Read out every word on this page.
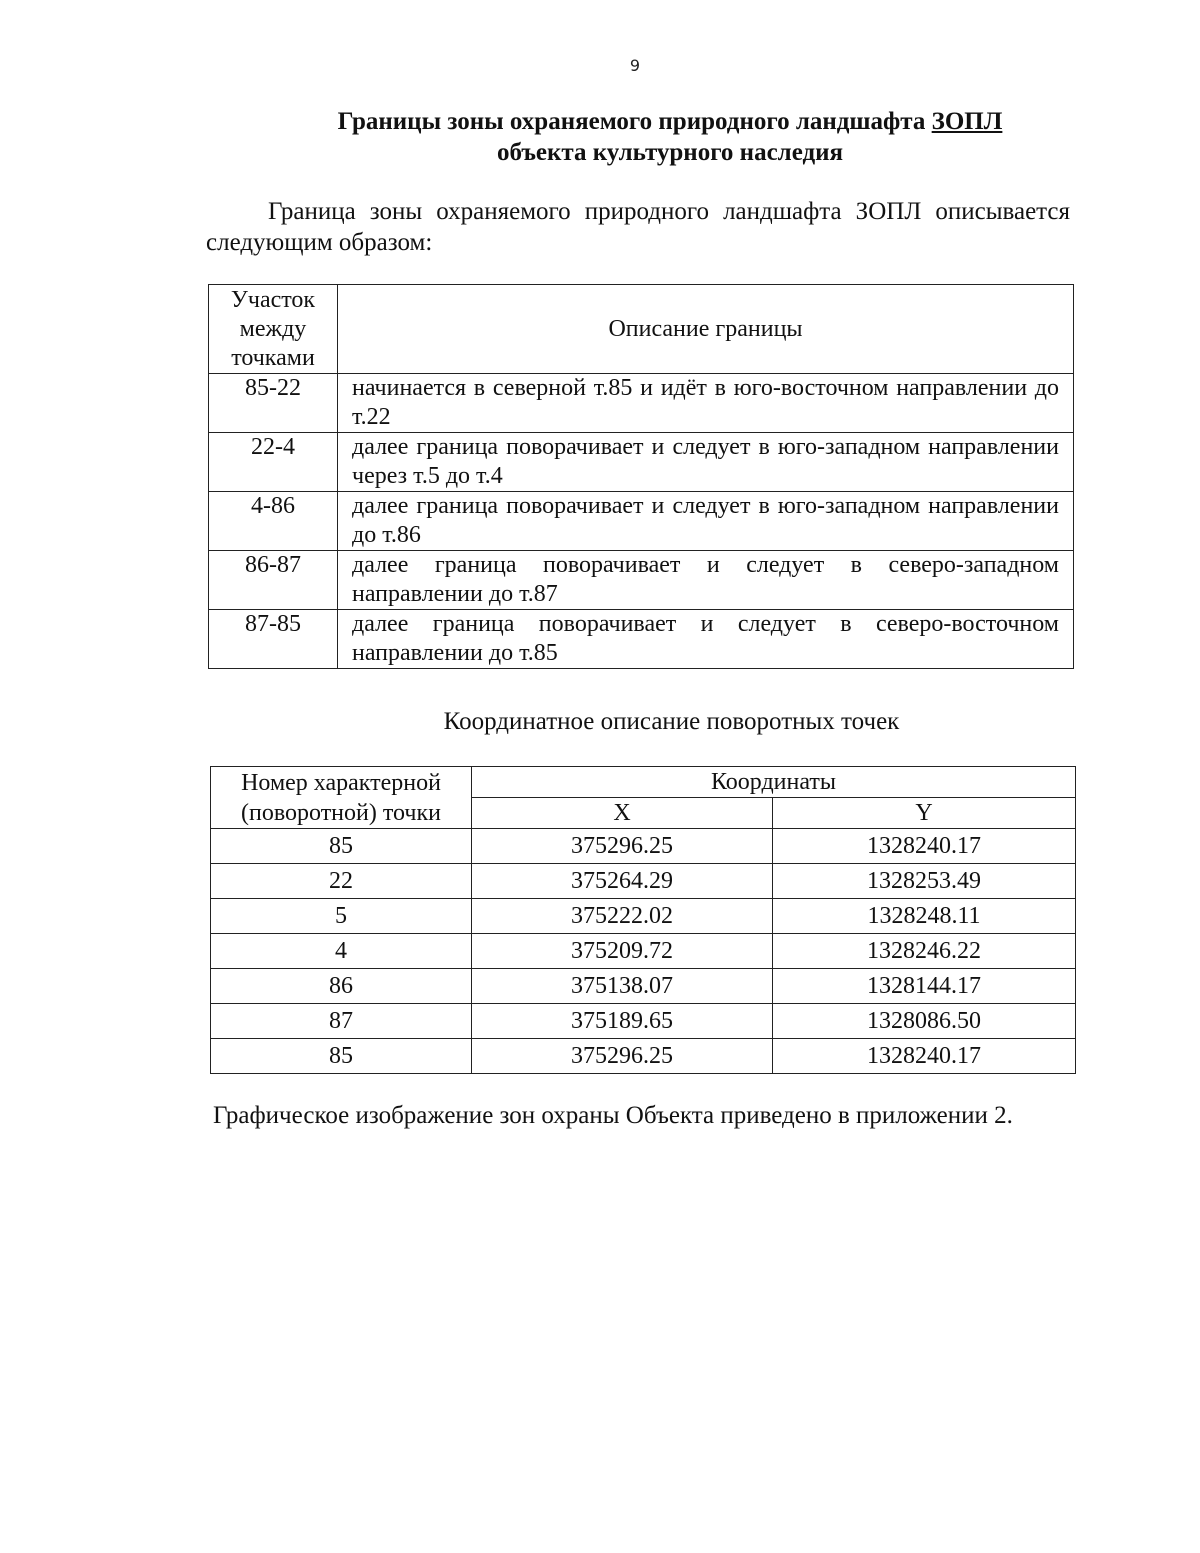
9
Границы зоны охраняемого природного ландшафта ЗОПЛ
объекта культурного наследия
Граница зоны охраняемого природного ландшафта ЗОПЛ описывается следующим образом:
Участок между точками	Описание границы
85-22	начинается в северной т.85 и идёт в юго-восточном направлении до т.22
22-4	далее граница поворачивает и следует в юго-западном направлении через т.5 до т.4
4-86	далее граница поворачивает и следует в юго-западном направлении до т.86
86-87	далее граница поворачивает и следует в северо-западном направлении до т.87
87-85	далее граница поворачивает и следует в северо-восточном направлении до т.85
Координатное описание поворотных точек
Номер характерной (поворотной) точки	Координаты	
	X	Y
85	375296.25	1328240.17
22	375264.29	1328253.49
5	375222.02	1328248.11
4	375209.72	1328246.22
86	375138.07	1328144.17
87	375189.65	1328086.50
85	375296.25	1328240.17
Графическое изображение зон охраны Объекта приведено в приложении 2.
